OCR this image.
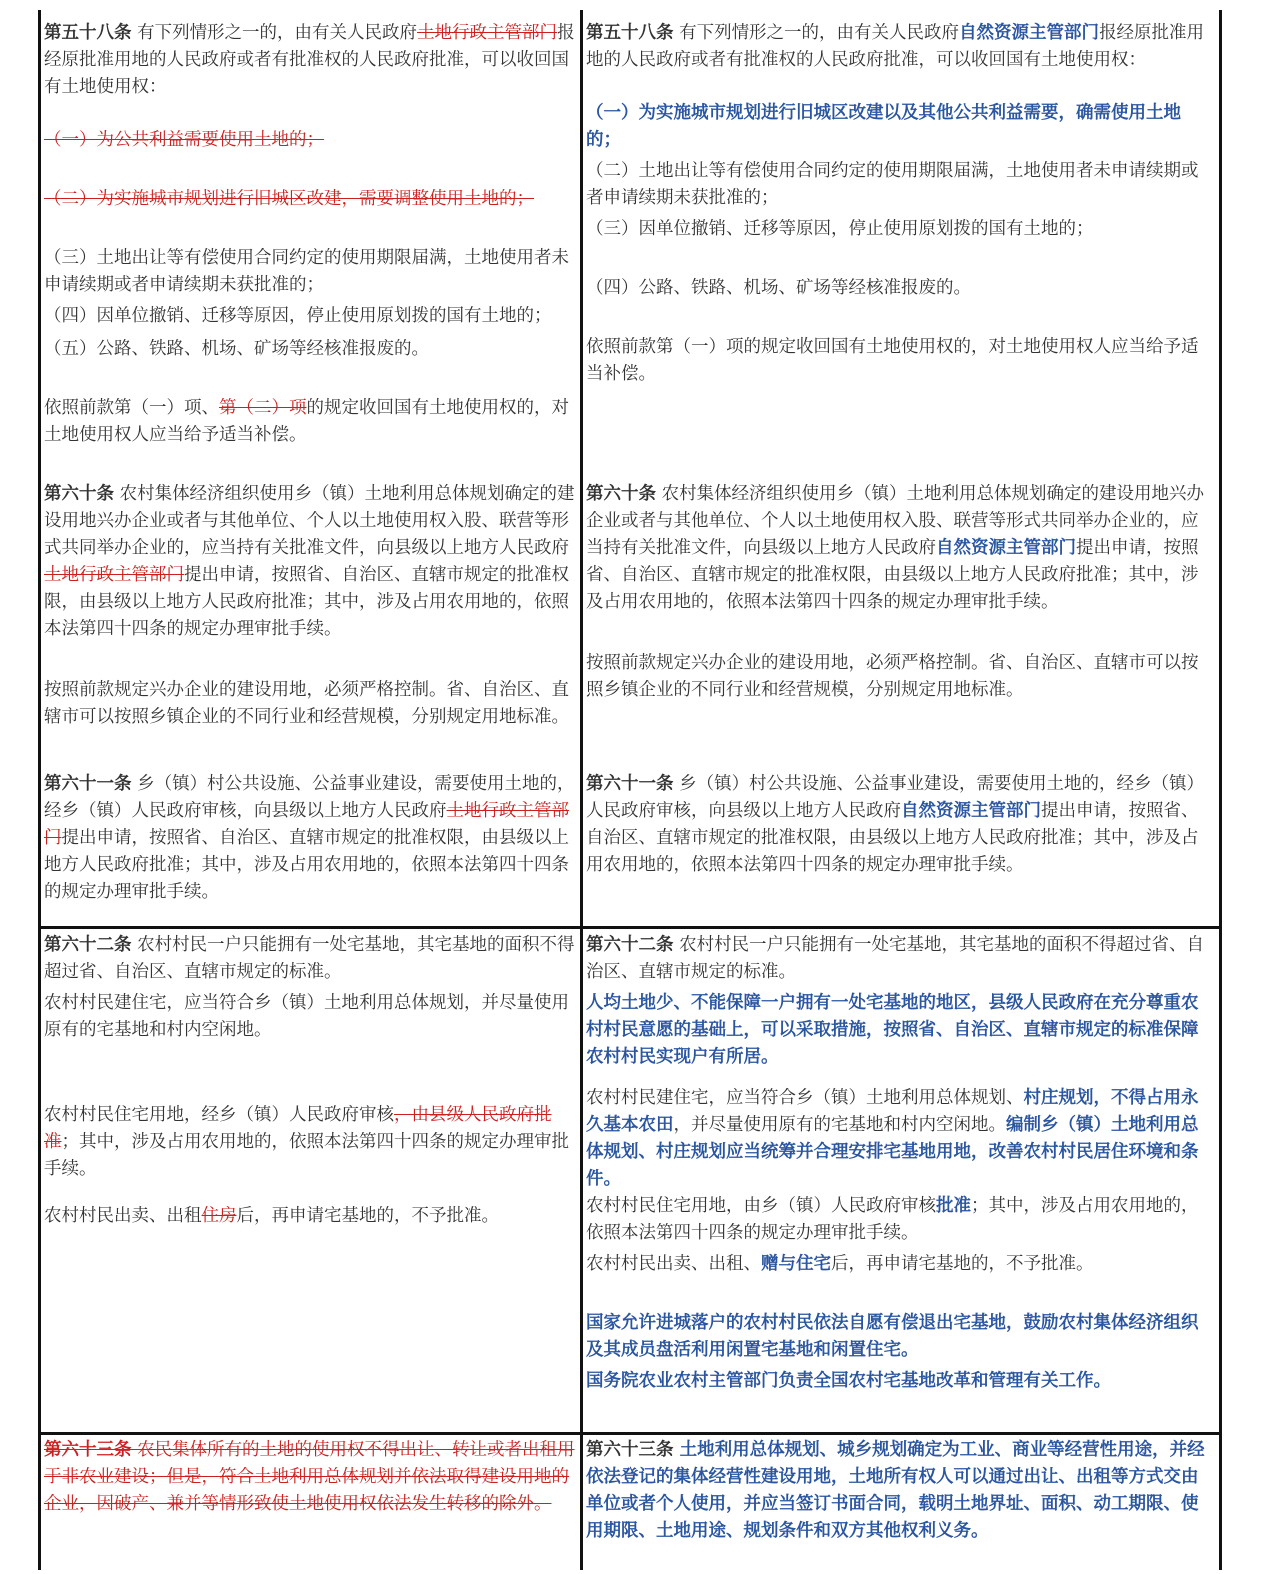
第五十八条 有下列情形之一的，由有关人民政府土地行政主管部门报经原批准用地的人民政府或者有批准权的人民政府批准，可以收回国有土地使用权：

（一）为公共利益需要使用土地的；

（二）为实施城市规划进行旧城区改建，需要调整使用土地的；

（三）土地出让等有偿使用合同约定的使用期限届满，土地使用者未申请续期或者申请续期未获批准的；

（四）因单位撤销、迁移等原因，停止使用原划拨的国有土地的；

（五）公路、铁路、机场、矿场等经核准报废的。

依照前款第（一）项、第（二）项的规定收回国有土地使用权的，对土地使用权人应当给予适当补偿。

第五十八条 有下列情形之一的，由有关人民政府自然资源主管部门报经原批准用地的人民政府或者有批准权的人民政府批准，可以收回国有土地使用权：

（一）为实施城市规划进行旧城区改建以及其他公共利益需要，确需使用土地的；

（二）土地出让等有偿使用合同约定的使用期限届满，土地使用者未申请续期或者申请续期未获批准的；

（三）因单位撤销、迁移等原因，停止使用原划拨的国有土地的；

（四）公路、铁路、机场、矿场等经核准报废的。

依照前款第（一）项的规定收回国有土地使用权的，对土地使用权人应当给予适当补偿。

第六十条 农村集体经济组织使用乡（镇）土地利用总体规划确定的建设用地兴办企业或者与其他单位、个人以土地使用权入股、联营等形式共同举办企业的，应当持有关批准文件，向县级以上地方人民政府土地行政主管部门提出申请，按照省、自治区、直辖市规定的批准权限，由县级以上地方人民政府批准；其中，涉及占用农用地的，依照本法第四十四条的规定办理审批手续。

按照前款规定兴办企业的建设用地，必须严格控制。省、自治区、直辖市可以按照乡镇企业的不同行业和经营规模，分别规定用地标准。

第六十条 农村集体经济组织使用乡（镇）土地利用总体规划确定的建设用地兴办企业或者与其他单位、个人以土地使用权入股、联营等形式共同举办企业的，应当持有关批准文件，向县级以上地方人民政府自然资源主管部门提出申请，按照省、自治区、直辖市规定的批准权限，由县级以上地方人民政府批准；其中，涉及占用农用地的，依照本法第四十四条的规定办理审批手续。

按照前款规定兴办企业的建设用地，必须严格控制。省、自治区、直辖市可以按照乡镇企业的不同行业和经营规模，分别规定用地标准。

第六十一条 乡（镇）村公共设施、公益事业建设，需要使用土地的，经乡（镇）人民政府审核，向县级以上地方人民政府土地行政主管部门提出申请，按照省、自治区、直辖市规定的批准权限，由县级以上地方人民政府批准；其中，涉及占用农用地的，依照本法第四十四条的规定办理审批手续。

第六十一条 乡（镇）村公共设施、公益事业建设，需要使用土地的，经乡（镇）人民政府审核，向县级以上地方人民政府自然资源主管部门提出申请，按照省、自治区、直辖市规定的批准权限，由县级以上地方人民政府批准；其中，涉及占用农用地的，依照本法第四十四条的规定办理审批手续。

第六十二条 农村村民一户只能拥有一处宅基地，其宅基地的面积不得超过省、自治区、直辖市规定的标准。

农村村民建住宅，应当符合乡（镇）土地利用总体规划，并尽量使用原有的宅基地和村内空闲地。

农村村民住宅用地，经乡（镇）人民政府审核，由县级人民政府批准；其中，涉及占用农用地的，依照本法第四十四条的规定办理审批手续。

农村村民出卖、出租住房后，再申请宅基地的，不予批准。

第六十二条 农村村民一户只能拥有一处宅基地，其宅基地的面积不得超过省、自治区、直辖市规定的标准。

人均土地少、不能保障一户拥有一处宅基地的地区，县级人民政府在充分尊重农村村民意愿的基础上，可以采取措施，按照省、自治区、直辖市规定的标准保障农村村民实现户有所居。

农村村民建住宅，应当符合乡（镇）土地利用总体规划、村庄规划，不得占用永久基本农田，并尽量使用原有的宅基地和村内空闲地。编制乡（镇）土地利用总体规划、村庄规划应当统筹并合理安排宅基地用地，改善农村村民居住环境和条件。

农村村民住宅用地，由乡（镇）人民政府审核批准；其中，涉及占用农用地的，依照本法第四十四条的规定办理审批手续。

农村村民出卖、出租、赠与住宅后，再申请宅基地的，不予批准。

国家允许进城落户的农村村民依法自愿有偿退出宅基地，鼓励农村集体经济组织及其成员盘活利用闲置宅基地和闲置住宅。

国务院农业农村主管部门负责全国农村宅基地改革和管理有关工作。

第六十三条 农民集体所有的土地的使用权不得出让、转让或者出租用于非农业建设；但是，符合土地利用总体规划并依法取得建设用地的企业，因破产、兼并等情形致使土地使用权依法发生转移的除外。

第六十三条 土地利用总体规划、城乡规划确定为工业、商业等经营性用途，并经依法登记的集体经营性建设用地，土地所有权人可以通过出让、出租等方式交由单位或者个人使用，并应当签订书面合同，载明土地界址、面积、动工期限、使用期限、土地用途、规划条件和双方其他权利义务。
